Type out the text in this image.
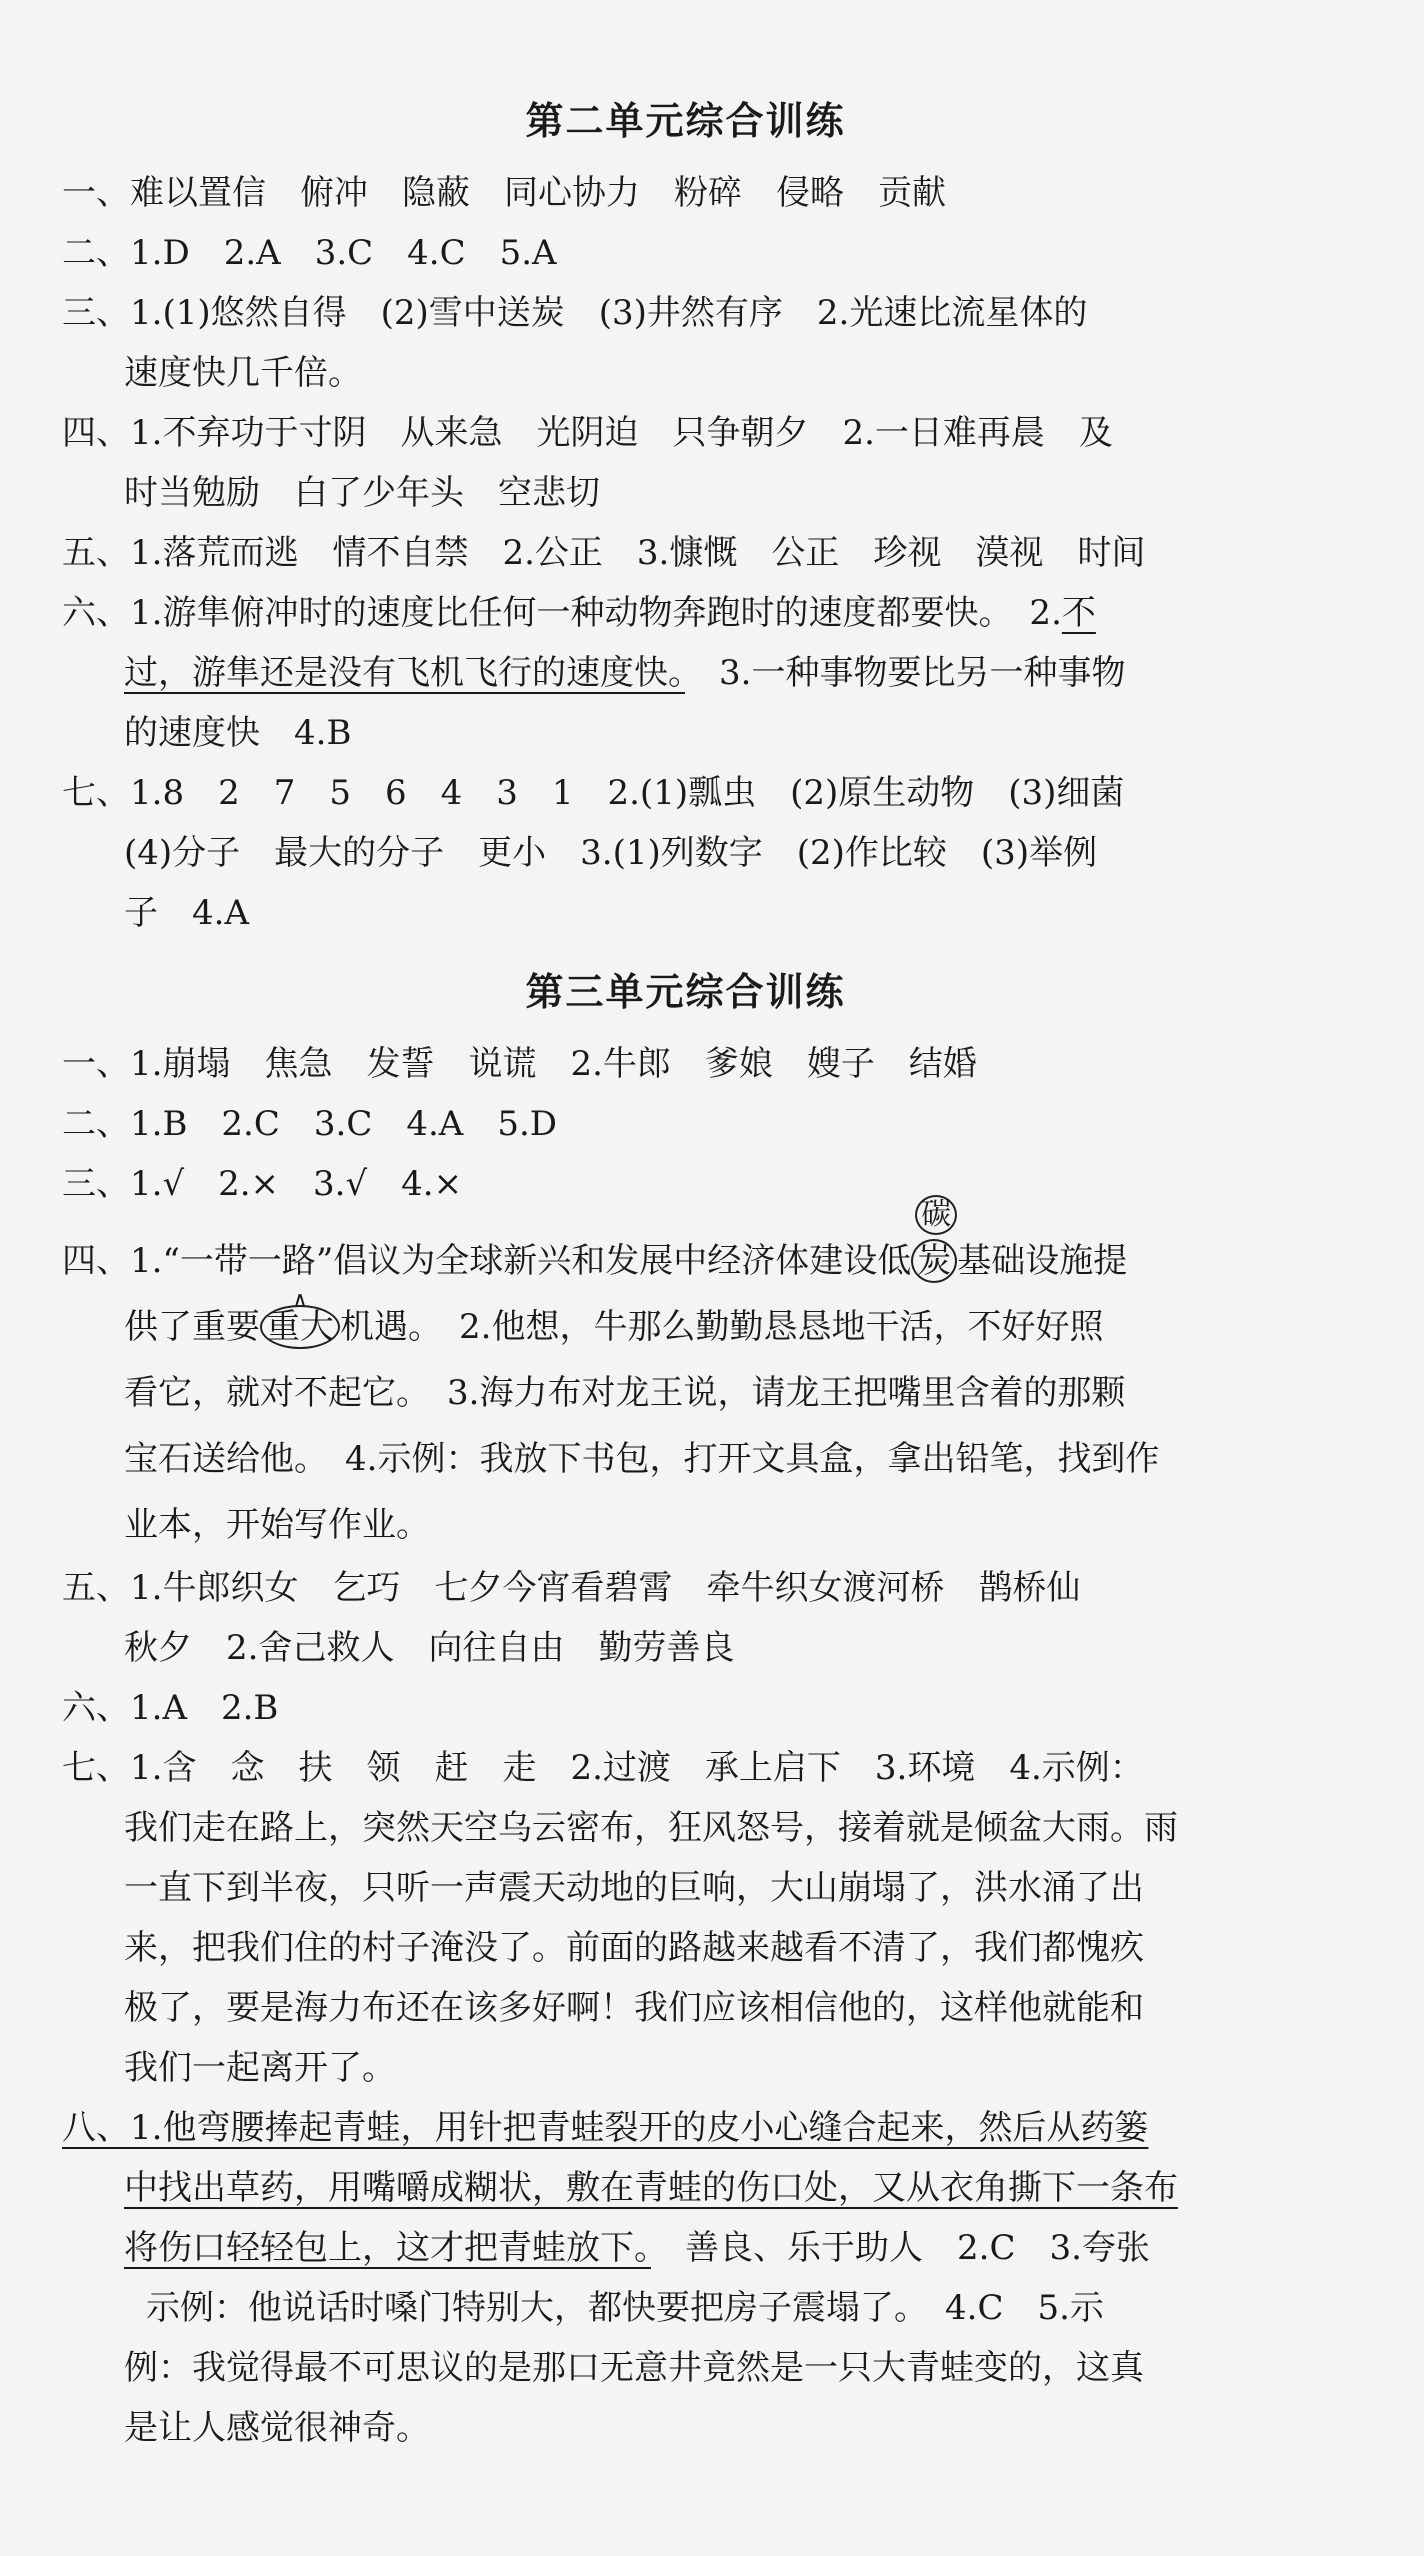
第二单元综合训练
一、难以置信　俯冲　隐蔽　同心协力　粉碎　侵略　贡献
二、1.D　2.A　3.C　4.C　5.A
三、1.(1)悠然自得　(2)雪中送炭　(3)井然有序　2.光速比流星体的
速度快几千倍。
四、1.不弃功于寸阴　从来急　光阴迫　只争朝夕　2.一日难再晨　及
时当勉励　白了少年头　空悲切
五、1.落荒而逃　情不自禁　2.公正　3.慷慨　公正　珍视　漠视　时间
六、1.游隼俯冲时的速度比任何一种动物奔跑时的速度都要快。　2.不
过，游隼还是没有飞机飞行的速度快。　3.一种事物要比另一种事物
的速度快　4.B
七、1.8　2　7　5　6　4　3　1　2.(1)瓢虫　(2)原生动物　(3)细菌
(4)分子　最大的分子　更小　3.(1)列数字　(2)作比较　(3)举例
子　4.A
第三单元综合训练
一、1.崩塌　焦急　发誓　说谎　2.牛郎　爹娘　嫂子　结婚
二、1.B　2.C　3.C　4.A　5.D
三、1.√　2.×　3.√　4.×
四、1.“一带一路”倡议为全球新兴和发展中经济体建设低 炭
碳
基础设施提
供了重要 重大
∧
机遇。　2.他想，牛那么勤勤恳恳地干活，不好好照
看它，就对不起它。　3.海力布对龙王说，请龙王把嘴里含着的那颗
宝石送给他。　4.示例：我放下书包，打开文具盒，拿出铅笔，找到作
业本，开始写作业。
五、1.牛郎织女　乞巧　七夕今宵看碧霄　牵牛织女渡河桥　鹊桥仙
秋夕　2.舍己救人　向往自由　勤劳善良
六、1.A　2.B
七、1.含　念　扶　领　赶　走　2.过渡　承上启下　3.环境　4.示例：
我们走在路上，突然天空乌云密布，狂风怒号，接着就是倾盆大雨。雨
一直下到半夜，只听一声震天动地的巨响，大山崩塌了，洪水涌了出
来，把我们住的村子淹没了。前面的路越来越看不清了，我们都愧疚
极了，要是海力布还在该多好啊！我们应该相信他的，这样他就能和
我们一起离开了。
八、1.他弯腰捧起青蛙，用针把青蛙裂开的皮小心缝合起来，然后从药篓
中找出草药，用嘴嚼成糊状，敷在青蛙的伤口处，又从衣角撕下一条布
将伤口轻轻包上，这才把青蛙放下。　善良、乐于助人　2.C　3.夸张
示例：他说话时嗓门特别大，都快要把房子震塌了。　4.C　5.示
例：我觉得最不可思议的是那口无意井竟然是一只大青蛙变的，这真
是让人感觉很神奇。
